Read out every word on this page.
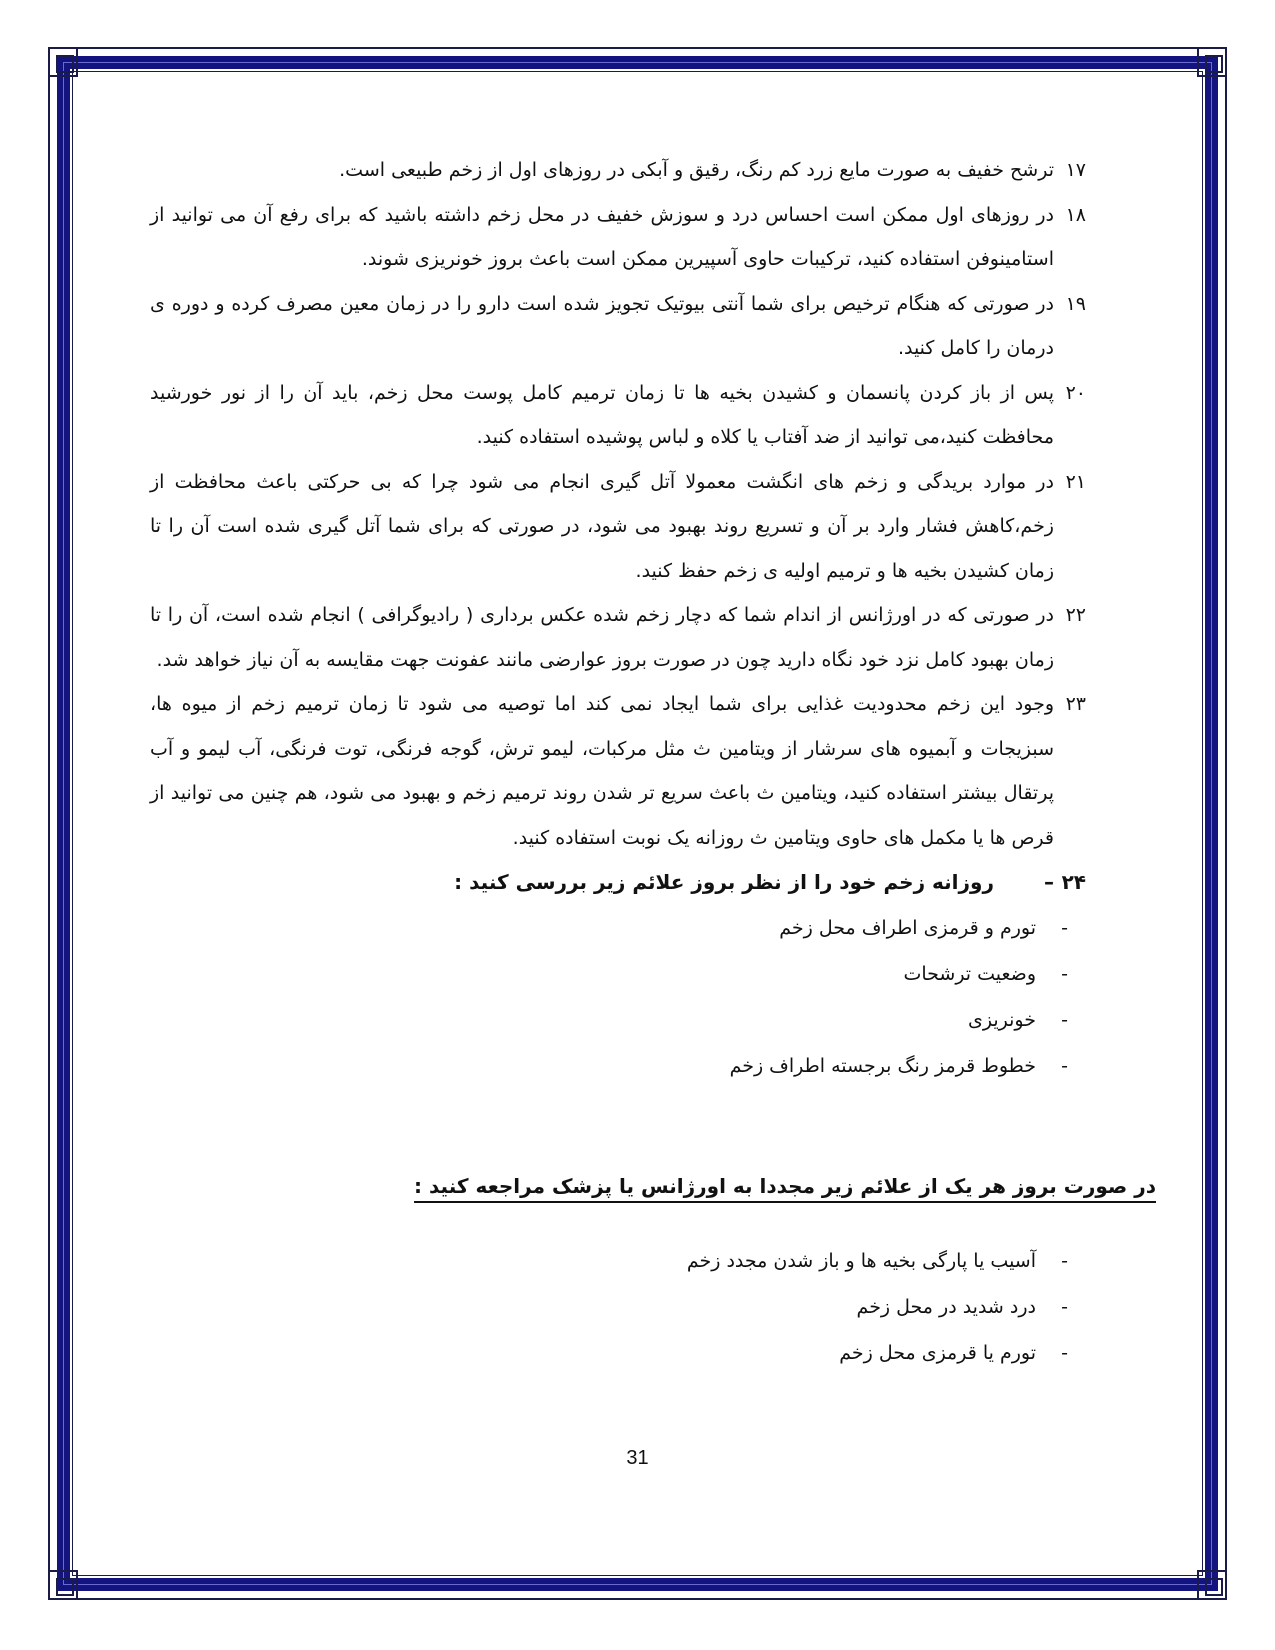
۱۷
ترشح خفیف به صورت مایع زرد کم رنگ، رقیق و آبکی در روزهای اول از زخم طبیعی است.
۱۸
در روزهای اول ممکن است احساس درد و سوزش خفیف در محل زخم داشته باشید که برای رفع آن می توانید از استامینوفن استفاده کنید، ترکیبات حاوی آسپیرین ممکن است باعث بروز خونریزی شوند.
۱۹
در صورتی که هنگام ترخیص برای شما آنتی بیوتیک تجویز شده است دارو را در زمان معین مصرف کرده و دوره ی درمان را کامل کنید.
۲۰
پس از باز کردن پانسمان و کشیدن بخیه ها تا زمان ترمیم کامل پوست محل زخم، باید آن را از نور خورشید محافظت کنید،می توانید از ضد آفتاب یا کلاه و لباس پوشیده استفاده کنید.
۲۱
در موارد بریدگی و زخم های انگشت معمولا آتل گیری انجام می شود چرا که بی حرکتی باعث محافظت از زخم،کاهش فشار وارد بر آن و تسریع روند بهبود می شود، در صورتی که برای شما آتل گیری شده است آن را تا زمان کشیدن بخیه ها و ترمیم اولیه ی زخم حفظ کنید.
۲۲
در صورتی که در اورژانس از اندام شما که دچار زخم شده عکس برداری ( رادیوگرافی ) انجام شده است، آن را تا زمان بهبود کامل نزد خود نگاه دارید چون در صورت بروز عوارضی مانند عفونت جهت مقایسه به آن نیاز خواهد شد.
۲۳
وجود این زخم محدودیت غذایی برای شما ایجاد نمی کند اما توصیه می شود تا زمان ترمیم زخم از میوه ها، سبزیجات و آبمیوه های سرشار از ویتامین ث مثل مرکبات، لیمو ترش، گوجه فرنگی، توت فرنگی، آب لیمو و آب پرتقال بیشتر استفاده کنید، ویتامین ث باعث سریع تر شدن روند ترمیم زخم و بهبود می شود، هم چنین می توانید از قرص ها یا مکمل های حاوی ویتامین ث روزانه یک نوبت استفاده کنید.
۲۴
–
روزانه زخم خود را از نظر بروز علائم زیر بررسی کنید :
-
تورم و قرمزی اطراف محل زخم
-
وضعیت ترشحات
-
خونریزی
-
خطوط قرمز رنگ برجسته اطراف زخم
در صورت بروز هر یک از علائم زیر مجددا به اورژانس یا پزشک مراجعه کنید :
-
آسیب یا پارگی بخیه ها و باز شدن مجدد زخم
-
درد شدید در محل زخم
-
تورم یا قرمزی محل زخم
31
